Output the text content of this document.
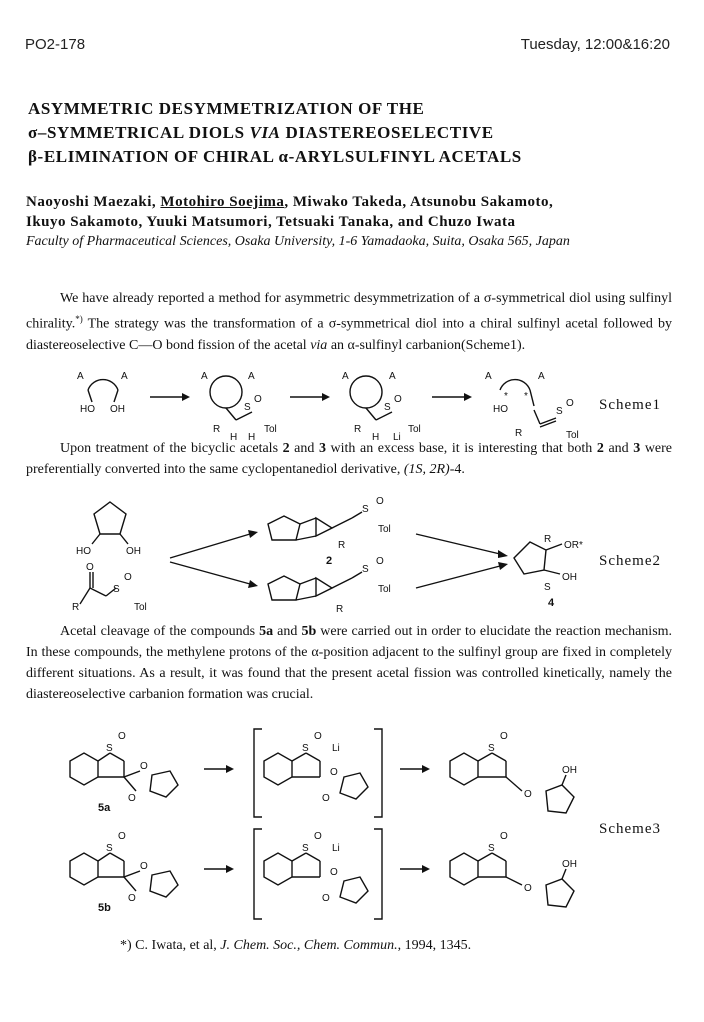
PO2-178	Tuesday, 12:00&16:20
ASYMMETRIC DESYMMETRIZATION OF THE
σ–SYMMETRICAL DIOLS VIA DIASTEREOSELECTIVE
β-ELIMINATION OF CHIRAL α-ARYLSULFINYL ACETALS
Naoyoshi Maezaki, Motohiro Soejima, Miwako Takeda, Atsunobu Sakamoto,
Ikuyo Sakamoto, Yuuki Matsumori, Tetsuaki Tanaka, and Chuzo Iwata
Faculty of Pharmaceutical Sciences, Osaka University, 1-6 Yamadaoka, Suita, Osaka 565, Japan
We have already reported a method for asymmetric desymmetrization of a σ-symmetrical diol using sulfinyl chirality.*) The strategy was the transformation of a σ-symmetrical diol into a chiral sulfinyl acetal followed by diastereoselective C—O bond fission of the acetal via an α-sulfinyl carbanion(Scheme1).
A	A
HO OH
A	A
S
O
R
H H
Tol
A	A
S
O
R
H Li
Tol
A	A
* *
HO	S
O
R	Tol
Scheme1
Upon treatment of the bicyclic acetals 2 and 3 with an excess base, it is interesting that both 2 and 3 were preferentially converted into the same cyclopentanediol derivative, (1S, 2R)-4.
HO	OH
O
S
O
R	Tol
S
O
Tol
R
2
S
O
Tol
R
R
OR*
S
OH
4
Scheme2
Acetal cleavage of the compounds 5a and 5b were carried out in order to elucidate the reaction mechanism. In these compounds, the methylene protons of the α-position adjacent to the sulfinyl group are fixed in completely different situations. As a result, it was found that the present acetal fission was controlled kinetically, namely the diastereoselective carbanion formation was crucial.
S
O
O
O
5a
S
O
Li
O
O
S
O
O
OH
S
O
O
O
5b
S
O
Li
O
O
S
O
O
OH
Scheme3
*) C. Iwata, et al, J. Chem. Soc., Chem. Commun., 1994, 1345.
